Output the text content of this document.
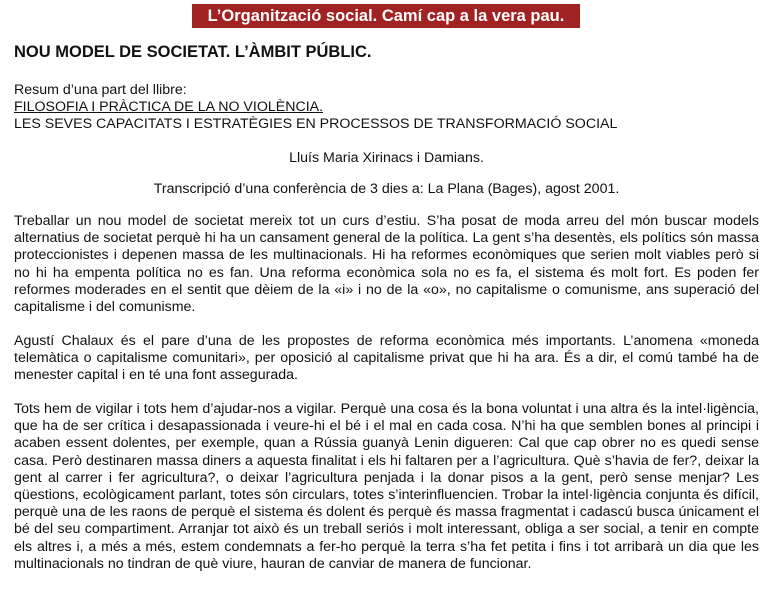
L’Organització social. Camí cap a la vera pau.
NOU MODEL DE SOCIETAT. L’ÀMBIT PÚBLIC.
Resum d’una part del llibre:
FILOSOFIA I PRÀCTICA DE LA NO VIOLÈNCIA.
LES SEVES CAPACITATS I ESTRATÈGIES EN PROCESSOS DE TRANSFORMACIÓ SOCIAL
Lluís Maria Xirinacs i Damians.
Transcripció d’una conferència de 3 dies a: La Plana (Bages), agost 2001.

Treballar un nou model de societat mereix tot un curs d’estiu. S’ha posat de moda arreu del món buscar models alternatius de societat perquè hi ha un cansament general de la política. La gent s’ha desentès, els polítics són massa proteccionistes i depenen massa de les multinacionals. Hi ha reformes econòmiques que serien molt viables però si no hi ha empenta política no es fan. Una reforma econòmica sola no es fa, el sistema és molt fort. Es poden fer reformes moderades en el sentit que dèiem de la «i» i no de la «o», no capitalisme o comunisme, ans superació del capitalisme i del comunisme.

Agustí Chalaux és el pare d’una de les propostes de reforma econòmica més importants. L’anomena «moneda telemàtica o capitalisme comunitari», per oposició al capitalisme privat que hi ha ara. És a dir, el comú també ha de menester capital i en té una font assegurada.

Tots hem de vigilar i tots hem d’ajudar-nos a vigilar. Perquè una cosa és la bona voluntat i una altra és la intel·ligència, que ha de ser crítica i desapassionada i veure-hi el bé i el mal en cada cosa. N’hi ha que semblen bones al principi i acaben essent dolentes, per exemple, quan a Rússia guanyà Lenin digueren: Cal que cap obrer no es quedi sense casa. Però destinaren massa diners a aquesta finalitat i els hi faltaren per a l’agricultura. Què s’havia de fer?, deixar la gent al carrer i fer agricultura?, o deixar l’agricultura penjada i la donar pisos a la gent, però sense menjar? Les qüestions, ecològicament parlant, totes són circulars, totes s’interinfluencien. Trobar la intel·ligència conjunta és difícil, perquè una de les raons de perquè el sistema és dolent és perquè és massa fragmentat i cadascú busca únicament el bé del seu compartiment. Arranjar tot això és un treball seriós i molt interessant, obliga a ser social, a tenir en compte els altres i, a més a més, estem condemnats a fer-ho perquè la terra s’ha fet petita i fins i tot arribarà un dia que les multinacionals no tindran de què viure, hauran de canviar de manera de funcionar.
